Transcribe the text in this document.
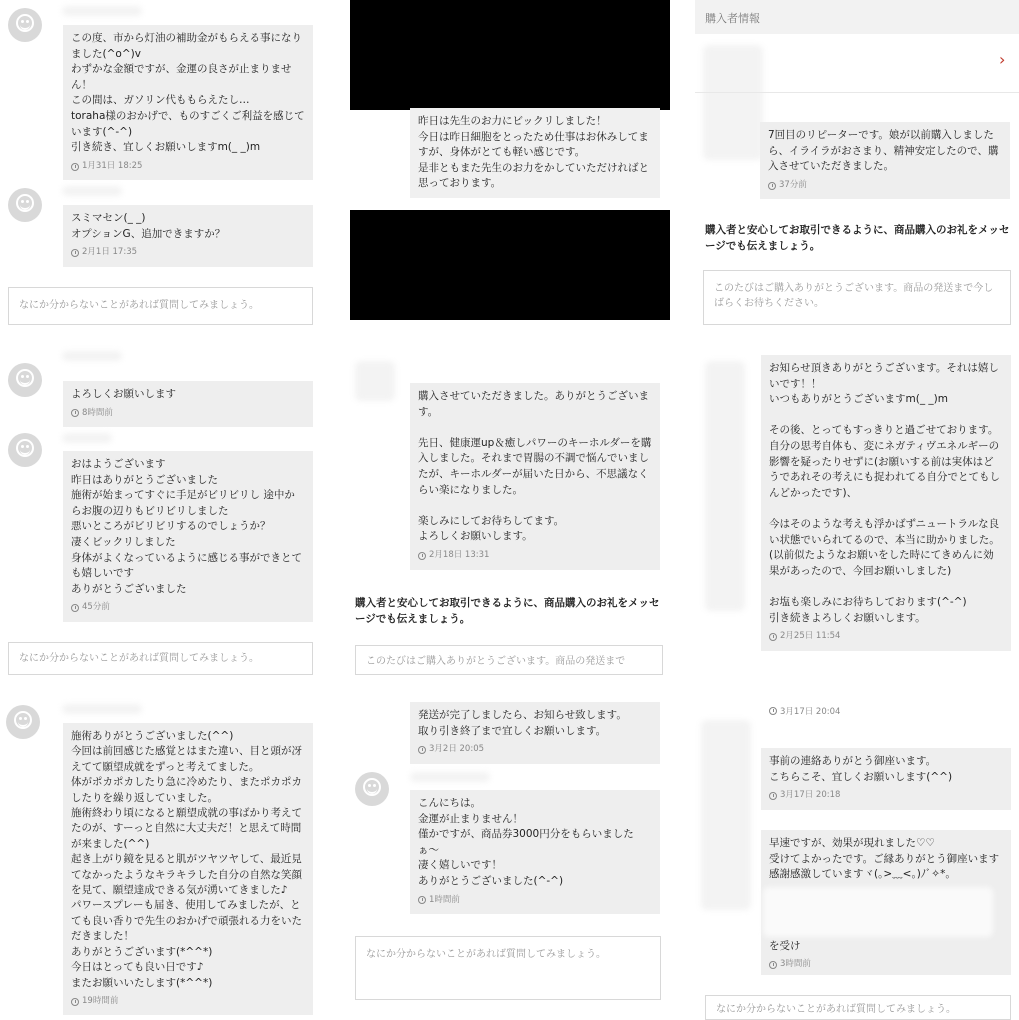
この度、市から灯油の補助金がもらえる事になりました(^o^)v
わずかな金額ですが、金運の良さが止まりません！
この間は、ガソリン代ももらえたし…
toraha様のおかげで、ものすごくご利益を感じています(^-^)
引き続き、宜しくお願いしますm(_ _)m
1月31日 18:25
スミマセン(_ _)
オプションG、追加できますか？
2月1日 17:35
なにか分からないことがあれば質問してみましょう。
昨日は先生のお力にビックリしました！
今日は昨日細胞をとったため仕事はお休みしてますが、身体がとても軽い感じです。
是非ともまた先生のお力をかしていただければと思っております。
購入者情報
›
7回目のリピーターです。娘が以前購入しましたら、イライラがおさまり、精神安定したので、購入させていただきました。
37分前
購入者と安心してお取引できるように、商品購入のお礼をメッセージでも伝えましょう。
このたびはご購入ありがとうございます。商品の発送まで今しばらくお待ちください。
よろしくお願いします
8時間前
おはようございます
昨日はありがとうございました
施術が始まってすぐに手足がビリビリし 途中からお腹の辺りもビリビリしました
悪いところがビリビリするのでしょうか？
凄くビックリしました
身体がよくなっているように感じる事ができとても嬉しいです
ありがとうございました
45分前
なにか分からないことがあれば質問してみましょう。
購入させていただきました。ありがとうございます。

先日、健康運up＆癒しパワーのキーホルダーを購入しました。それまで胃腸の不調で悩んでいましたが、キーホルダーが届いた日から、不思議なくらい楽になりました。

楽しみにしてお待ちしてます。
よろしくお願いします。
2月18日 13:31
購入者と安心してお取引できるように、商品購入のお礼をメッセージでも伝えましょう。
このたびはご購入ありがとうございます。商品の発送まで
お知らせ頂きありがとうございます。それは嬉しいです！！
いつもありがとうございますm(_ _)m

その後、とってもすっきりと過ごせております。自分の思考自体も、変にネガティヴエネルギーの影響を疑ったりせずに(お願いする前は実体はどうであれその考えにも捉われてる自分でとてもしんどかったです)、

今はそのような考えも浮かばずニュートラルな良い状態でいられてるので、本当に助かりました。(以前似たようなお願いをした時にてきめんに効果があったので、今回お願いしました)

お塩も楽しみにお待ちしております(^-^)
引き続きよろしくお願いします。
2月25日 11:54
施術ありがとうございました(^^)
今回は前回感じた感覚とはまた違い、目と頭が冴えてて願望成就をずっと考えてました。
体がポカポカしたり急に冷めたり、またポカポカしたりを繰り返していました。
施術終わり頃になると願望成就の事ばかり考えてたのが、すーっと自然に大丈夫だ！と思えて時間が来ました(^^)
起き上がり鏡を見ると肌がツヤツヤして、最近見てなかったようなキラキラした自分の自然な笑顔を見て、願望達成できる気が湧いてきました♪
パワースプレーも届き、使用してみましたが、とても良い香りで先生のおかげで頑張れる力をいただきました！
ありがとうございます(*^^*)
今日はとっても良い日です♪
またお願いいたします(*^^*)
19時間前
発送が完了しましたら、お知らせ致します。
取り引き終了まで宜しくお願いします。
3月2日 20:05
こんにちは。
金運が止まりません！
僅かですが、商品券3000円分をもらいましたぁ〜
凄く嬉しいです！
ありがとうございました(^-^)
1時間前
なにか分からないことがあれば質問してみましょう。
3月17日 20:04
事前の連絡ありがとう御座います。
こちらこそ、宜しくお願いします(^^)
3月17日 20:18
早速ですが、効果が現れました♡♡
受けてよかったです。ご縁ありがとう御座います
感謝感激していますヾ(｡>﹏<｡)ﾉﾞ✧*。
を受け
3時間前
なにか分からないことがあれば質問してみましょう。
